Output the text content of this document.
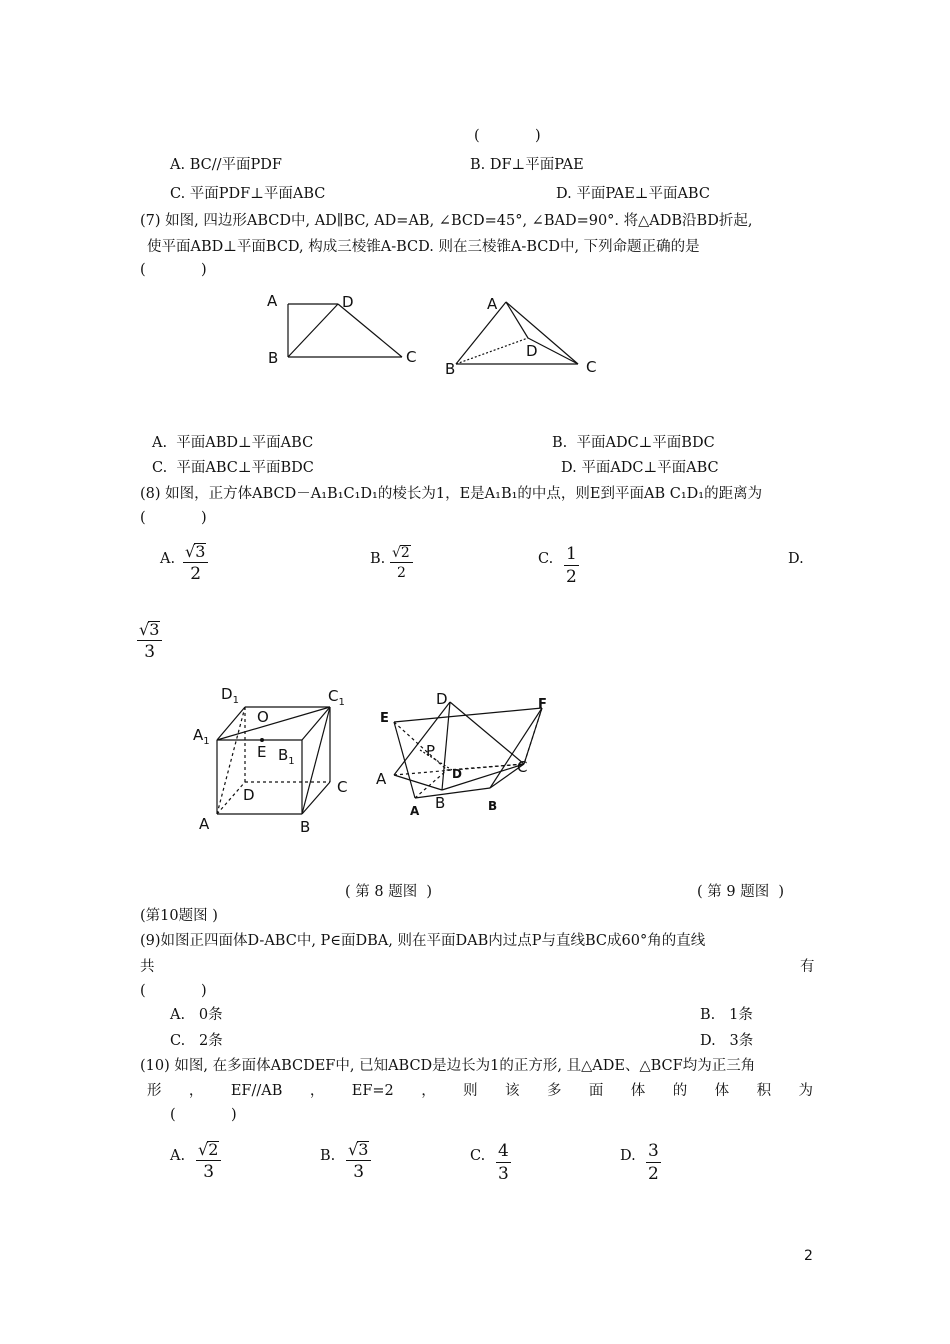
(            )
A. BC//平面PDF	B. DF⊥平面PAE
C. 平面PDF⊥平面ABC	D. 平面PAE⊥平面ABC
(7) 如图, 四边形ABCD中, AD∥BC, AD=AB, ∠BCD=45°, ∠BAD=90°. 将△ADB沿BD折起,
使平面ABD⊥平面BCD, 构成三棱锥A-BCD. 则在三棱锥A-BCD中, 下列命题正确的是
(            )
A	D
B	C
A
D
B	C
A.  平面ABD⊥平面ABC	B.  平面ADC⊥平面BDC
C.  平面ABC⊥平面BDC	D. 平面ADC⊥平面ABC
(8) 如图，正方体ABCD－A₁B₁C₁D₁的棱长为1，E是A₁B₁的中点，则E到平面AB C₁D₁的距离为
(            )
A. $\frac{√3}{2}$	B. $\frac{√2}{2}$	C. $\frac{1}{2}$	D.
$\frac{√3}{3}$
$D_1$	$C_1$
$A_1$
O
E $B_1$
D	C
A	B
D
E
F
P
D
A
C
A B	B
( 第 8 题图  )	( 第 9 题图  )
(第10题图 )
(9)如图正四面体D-ABC中, P∈面DBA, 则在平面DAB内过点P与直线BC成60°角的直线
共	有
(            )
A.   0条	B.   1条
C.   2条	D.   3条
(10) 如图, 在多面体ABCDEF中, 已知ABCD是边长为1的正方形, 且△ADE、△BCF均为正三角
形 ， EF//AB ， EF=2 ， 则 该 多 面 体 的 体 积 为
(            )
A. $\frac{√2}{3}$	B. $\frac{√3}{3}$	C. $\frac{4}{3}$	D. $\frac{3}{2}$
2
